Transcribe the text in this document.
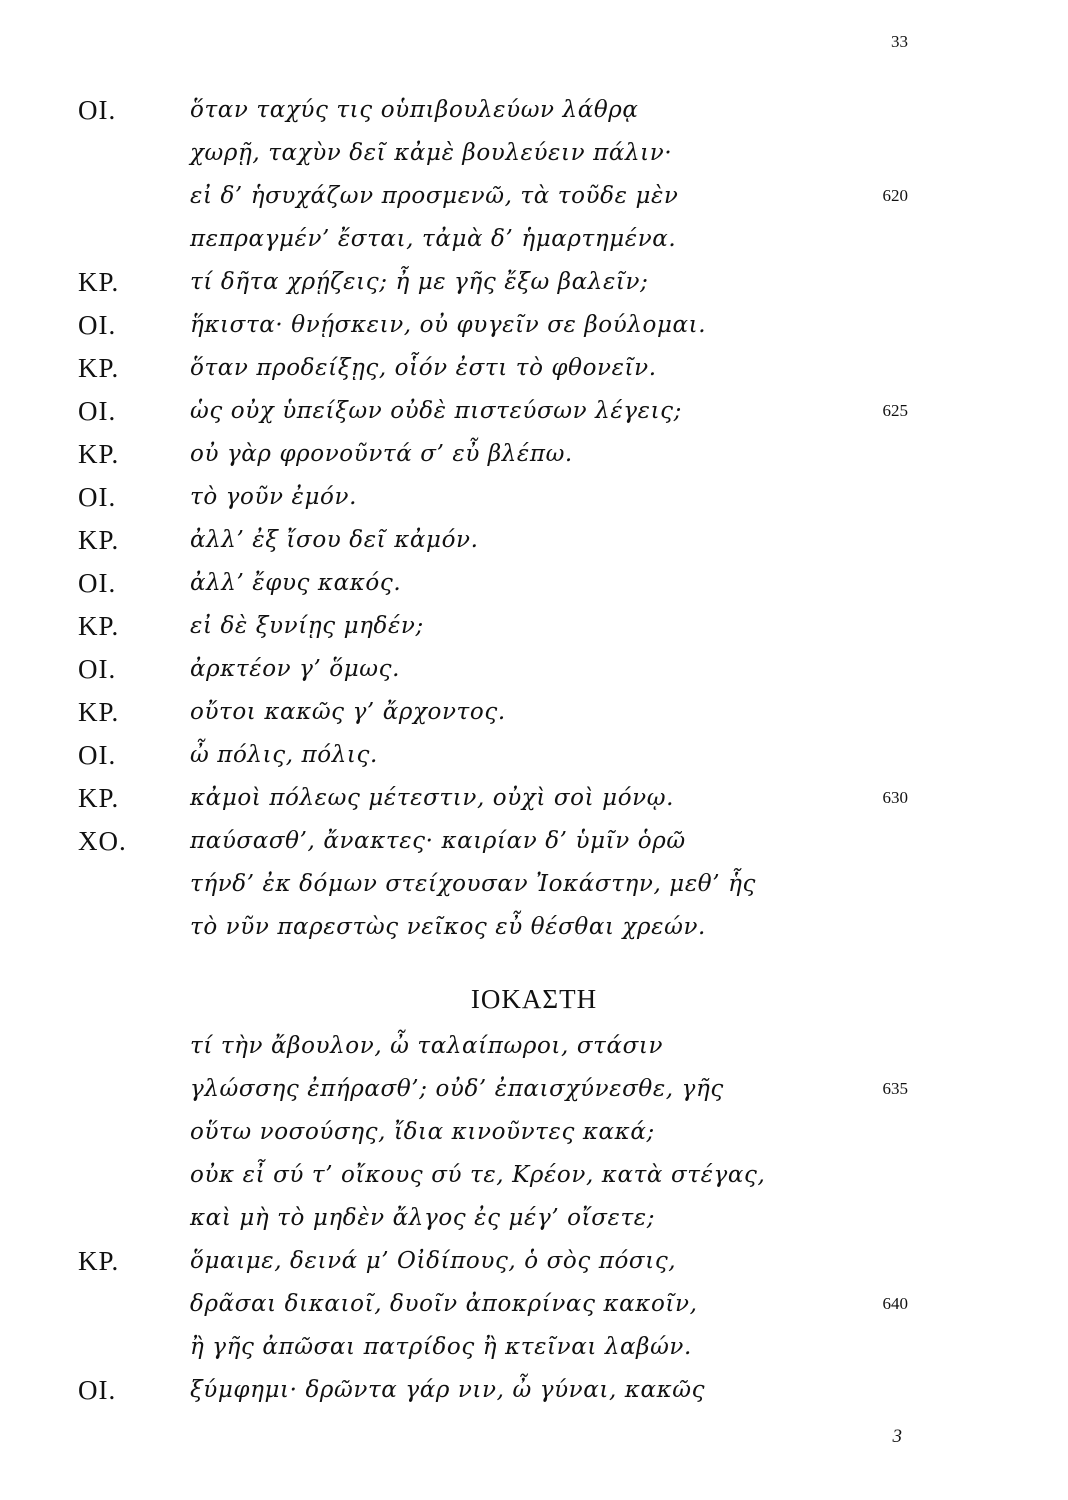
33
ΟΙ.	ὅταν ταχύς τις οὑπιβουλεύων λάθρᾳ
χωρῇ, ταχὺν δεῖ κἀμὲ βουλεύειν πάλιν·
εἰ δ’ ἡσυχάζων προσμενῶ, τὰ τοῦδε μὲν	620
πεπραγμέν’ ἔσται, τἀμὰ δ’ ἡμαρτημένα.
ΚΡ.	τί δῆτα χρῄζεις; ἦ με γῆς ἔξω βαλεῖν;
ΟΙ.	ἥκιστα· θνῄσκειν, οὐ φυγεῖν σε βούλομαι.
ΚΡ.	ὅταν προδείξῃς, οἷόν ἐστι τὸ φθονεῖν.
ΟΙ.	ὡς οὐχ ὑπείξων οὐδὲ πιστεύσων λέγεις;	625
ΚΡ.	οὐ γὰρ φρονοῦντά σ’ εὖ βλέπω.
ΟΙ.	τὸ γοῦν ἐμόν.
ΚΡ.	ἀλλ’ ἐξ ἴσου δεῖ κἀμόν.
ΟΙ.	ἀλλ’ ἔφυς κακός.
ΚΡ.	εἰ δὲ ξυνίῃς μηδέν;
ΟΙ.	ἀρκτέον γ’ ὅμως.
ΚΡ.	οὔτοι κακῶς γ’ ἄρχοντος.
ΟΙ.	ὦ πόλις, πόλις.
ΚΡ.	κἀμοὶ πόλεως μέτεστιν, οὐχὶ σοὶ μόνῳ.	630
ΧΟ.	παύσασθ’, ἄνακτες· καιρίαν δ’ ὑμῖν ὁρῶ
τήνδ’ ἐκ δόμων στείχουσαν Ἰοκάστην, μεθ’ ἧς
τὸ νῦν παρεστὼς νεῖκος εὖ θέσθαι χρεών.
ΙΟΚΑΣΤΗ
τί τὴν ἄβουλον, ὦ ταλαίπωροι, στάσιν
γλώσσης ἐπήρασθ’; οὐδ’ ἐπαισχύνεσθε, γῆς	635
οὕτω νοσούσης, ἴδια κινοῦντες κακά;
οὐκ εἶ σύ τ’ οἴκους σύ τε, Κρέον, κατὰ στέγας,
καὶ μὴ τὸ μηδὲν ἄλγος ἐς μέγ’ οἴσετε;
ΚΡ.	ὅμαιμε, δεινά μ’ Οἰδίπους, ὁ σὸς πόσις,
δρᾶσαι δικαιοῖ, δυοῖν ἀποκρίνας κακοῖν,	640
ἢ γῆς ἀπῶσαι πατρίδος ἢ κτεῖναι λαβών.
ΟΙ.	ξύμφημι· δρῶντα γάρ νιν, ὦ γύναι, κακῶς
3
